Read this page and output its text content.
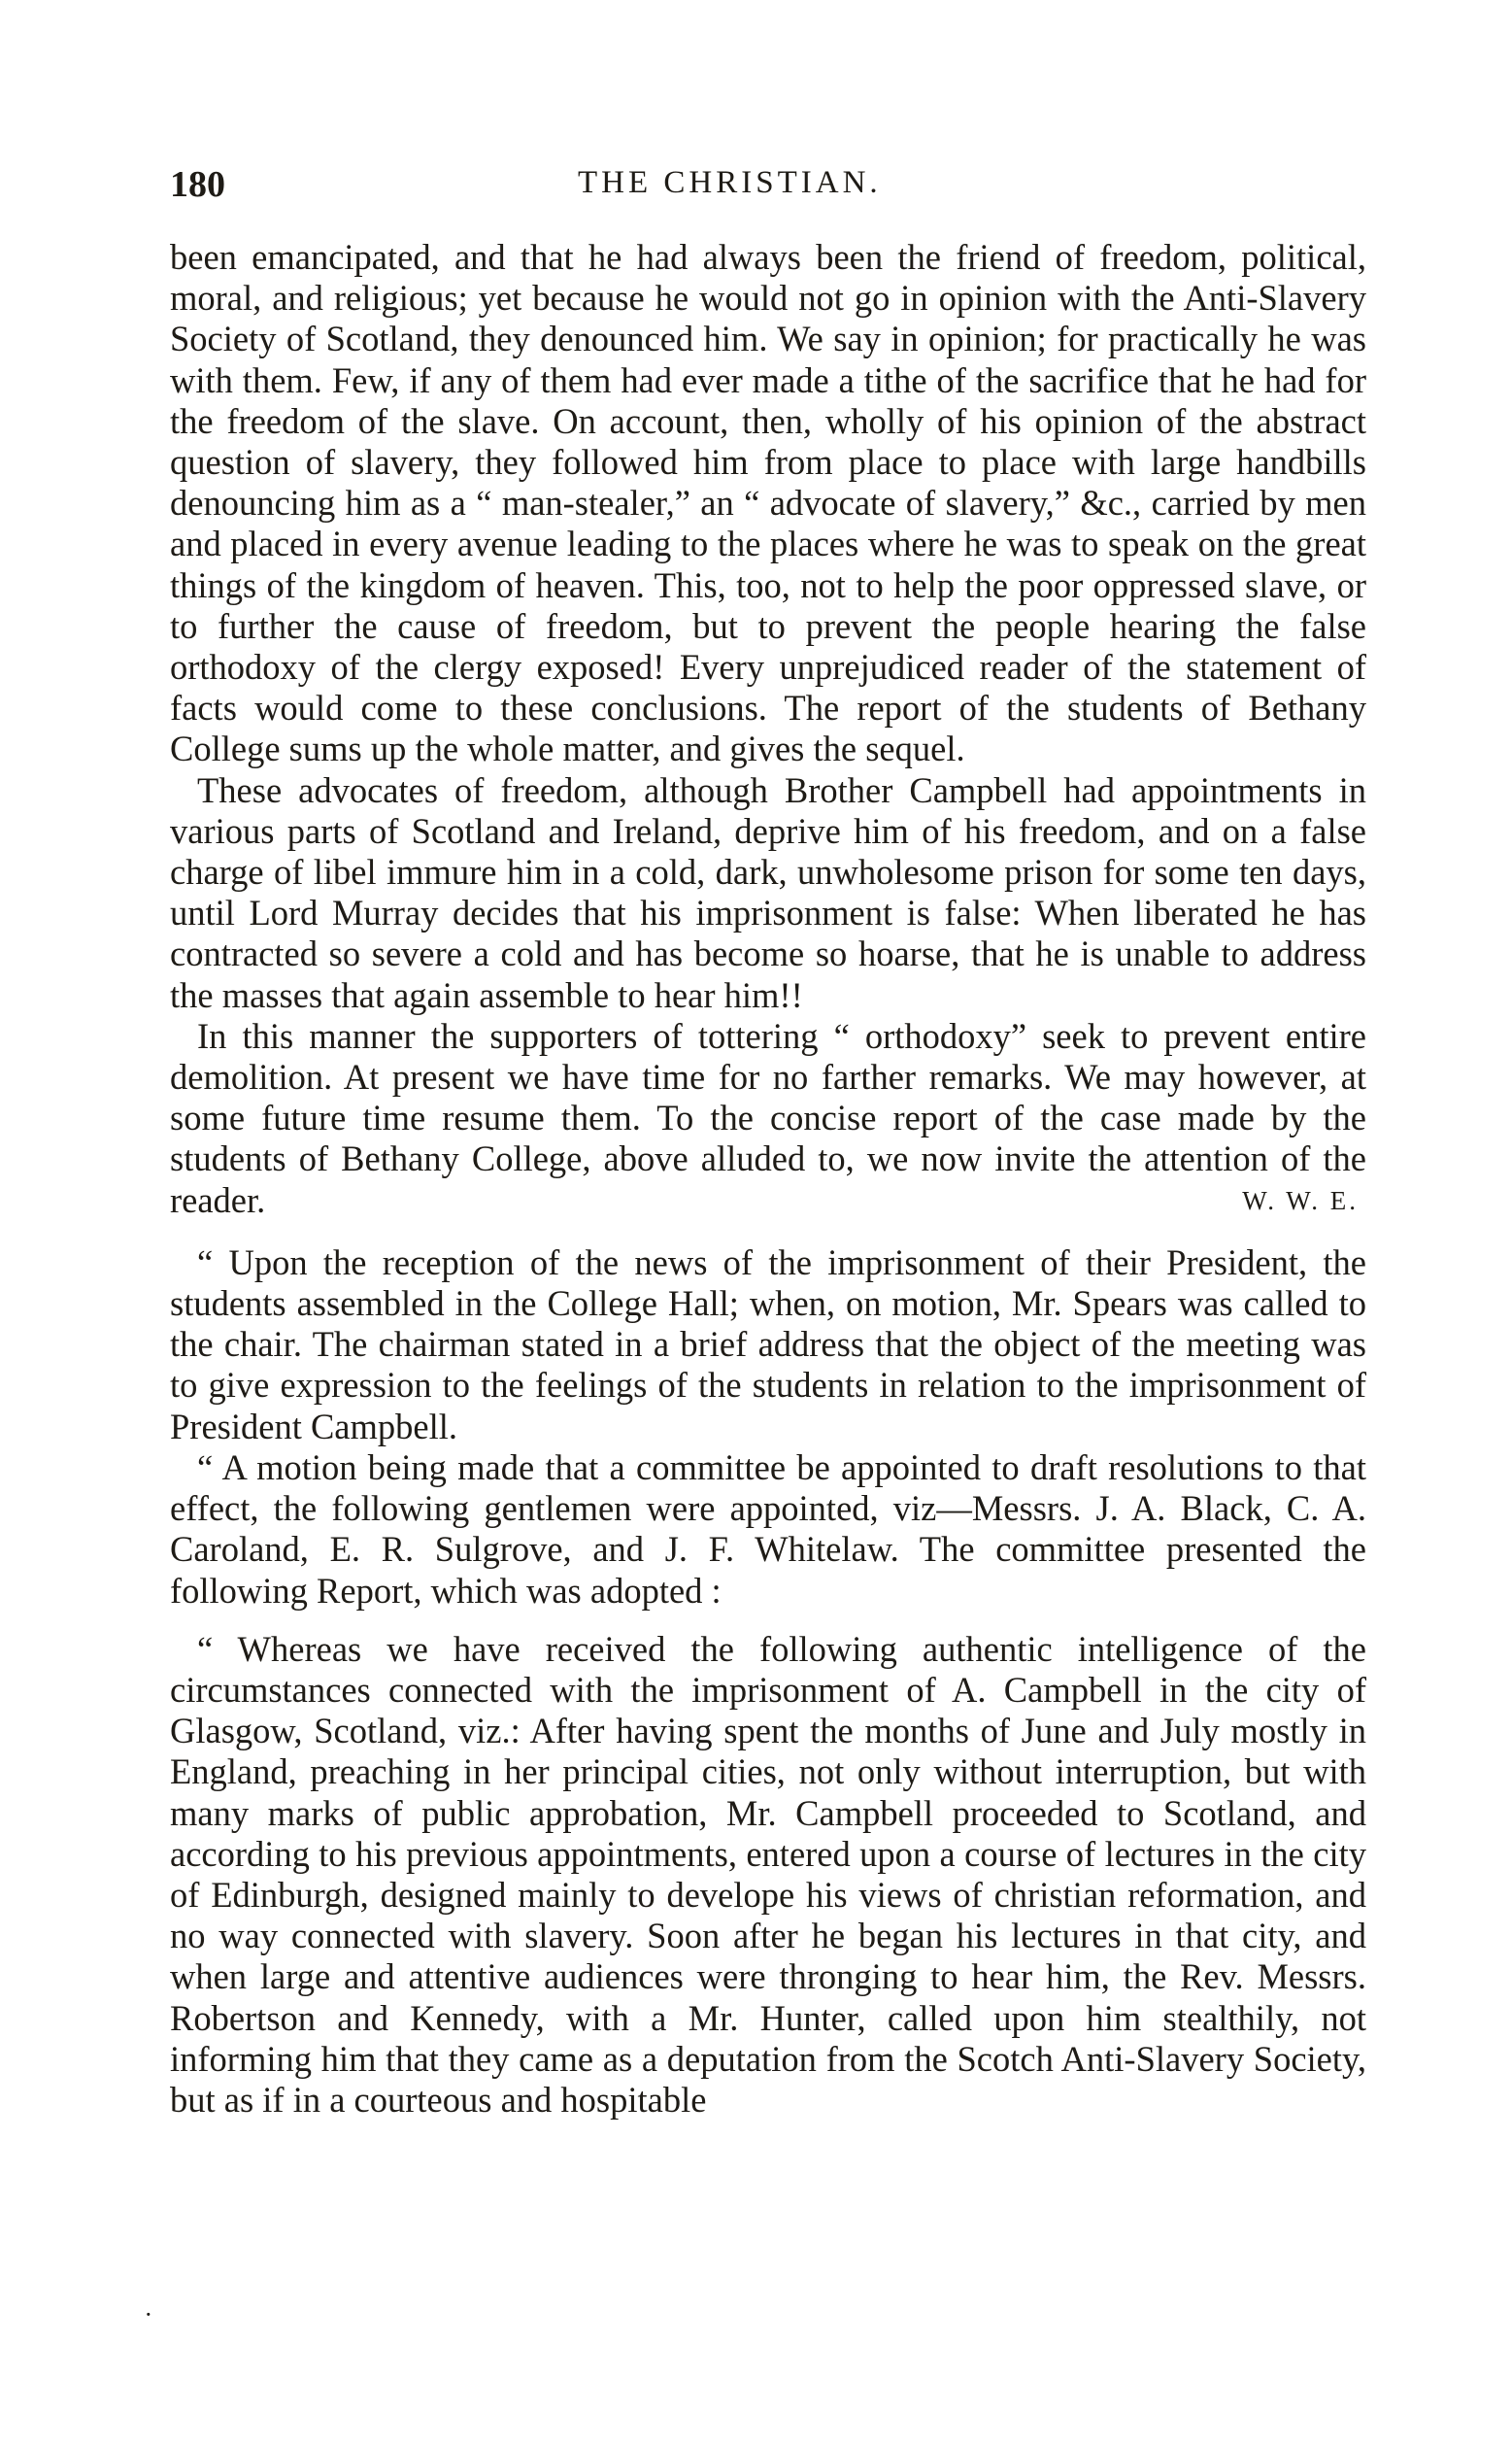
180	THE CHRISTIAN.

been emancipated, and that he had always been the friend of freedom, political, moral, and religious; yet because he would not go in opinion with the Anti-Slavery Society of Scotland, they denounced him. We say in opinion; for practically he was with them. Few, if any of them had ever made a tithe of the sacrifice that he had for the freedom of the slave. On account, then, wholly of his opinion of the abstract question of slavery, they followed him from place to place with large handbills denouncing him as a “ man-stealer,” an “ advocate of slavery,” &c., carried by men and placed in every avenue leading to the places where he was to speak on the great things of the kingdom of heaven. This, too, not to help the poor oppressed slave, or to further the cause of freedom, but to prevent the people hearing the false orthodoxy of the clergy exposed! Every unprejudiced reader of the statement of facts would come to these conclusions. The report of the students of Bethany College sums up the whole matter, and gives the sequel.

These advocates of freedom, although Brother Campbell had appointments in various parts of Scotland and Ireland, deprive him of his freedom, and on a false charge of libel immure him in a cold, dark, unwholesome prison for some ten days, until Lord Murray decides that his imprisonment is false: When liberated he has contracted so severe a cold and has become so hoarse, that he is unable to address the masses that again assemble to hear him!!

In this manner the supporters of tottering “ orthodoxy” seek to prevent entire demolition. At present we have time for no farther remarks. We may however, at some future time resume them. To the concise report of the case made by the students of Bethany College, above alluded to, we now invite the attention of the reader.	W. W. E.

“ Upon the reception of the news of the imprisonment of their President, the students assembled in the College Hall; when, on motion, Mr. Spears was called to the chair. The chairman stated in a brief address that the object of the meeting was to give expression to the feelings of the students in relation to the imprisonment of President Campbell.

“ A motion being made that a committee be appointed to draft resolutions to that effect, the following gentlemen were appointed, viz—Messrs. J. A. Black, C. A. Caroland, E. R. Sulgrove, and J. F. Whitelaw. The committee presented the following Report, which was adopted :

“ Whereas we have received the following authentic intelligence of the circumstances connected with the imprisonment of A. Campbell in the city of Glasgow, Scotland, viz.: After having spent the months of June and July mostly in England, preaching in her principal cities, not only without interruption, but with many marks of public approbation, Mr. Campbell proceeded to Scotland, and according to his previous appointments, entered upon a course of lectures in the city of Edinburgh, designed mainly to develope his views of christian reformation, and no way connected with slavery. Soon after he began his lectures in that city, and when large and attentive audiences were thronging to hear him, the Rev. Messrs. Robertson and Kennedy, with a Mr. Hunter, called upon him stealthily, not informing him that they came as a deputation from the Scotch Anti-Slavery Society, but as if in a courteous and hospitable

·
